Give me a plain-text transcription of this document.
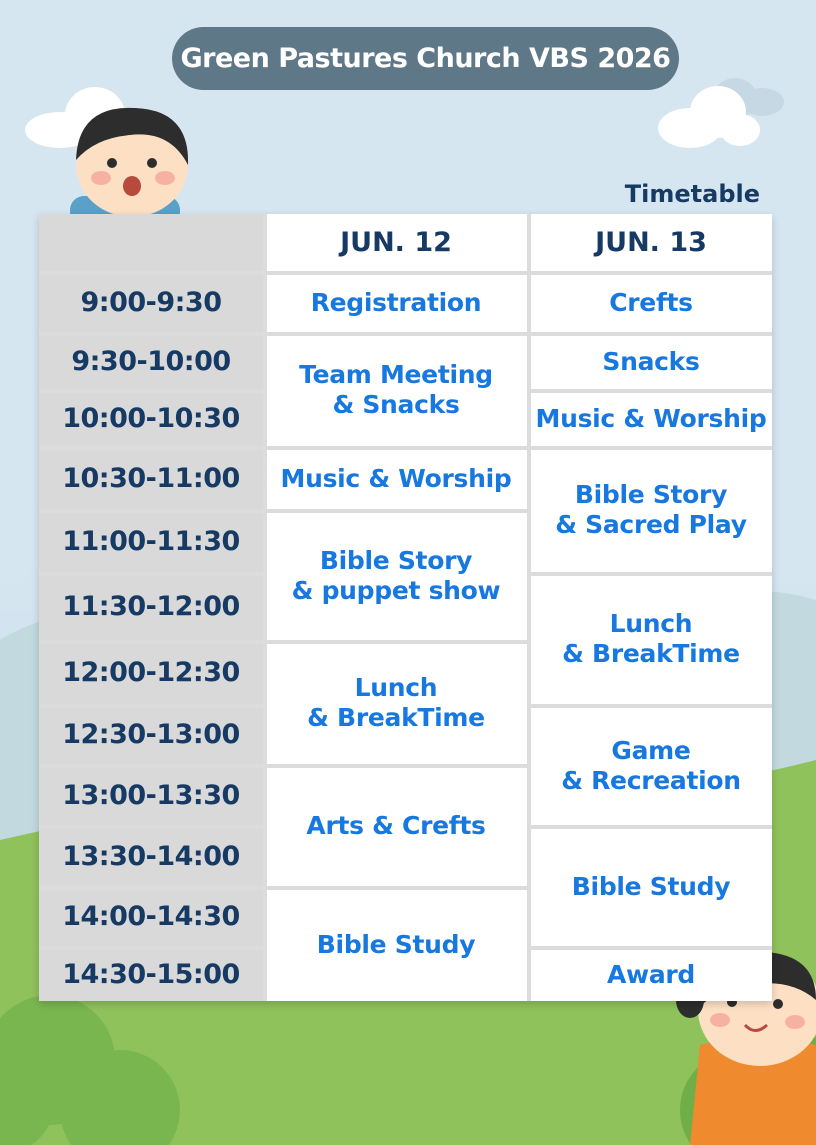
Green Pastures Church VBS 2026
Timetable
JUN. 12	JUN. 13
9:00-9:30
9:30-10:00
10:00-10:30
10:30-11:00
11:00-11:30
11:30-12:00
12:00-12:30
12:30-13:00
13:00-13:30
13:30-14:00
14:00-14:30
14:30-15:00
Registration
Team Meeting
& Snacks
Music & Worship
Bible Story
& puppet show
Lunch
& BreakTime
Arts & Crefts
Bible Study
Crefts
Snacks
Music & Worship
Bible Story
& Sacred Play
Lunch
& BreakTime
Game
& Recreation
Bible Study
Award
